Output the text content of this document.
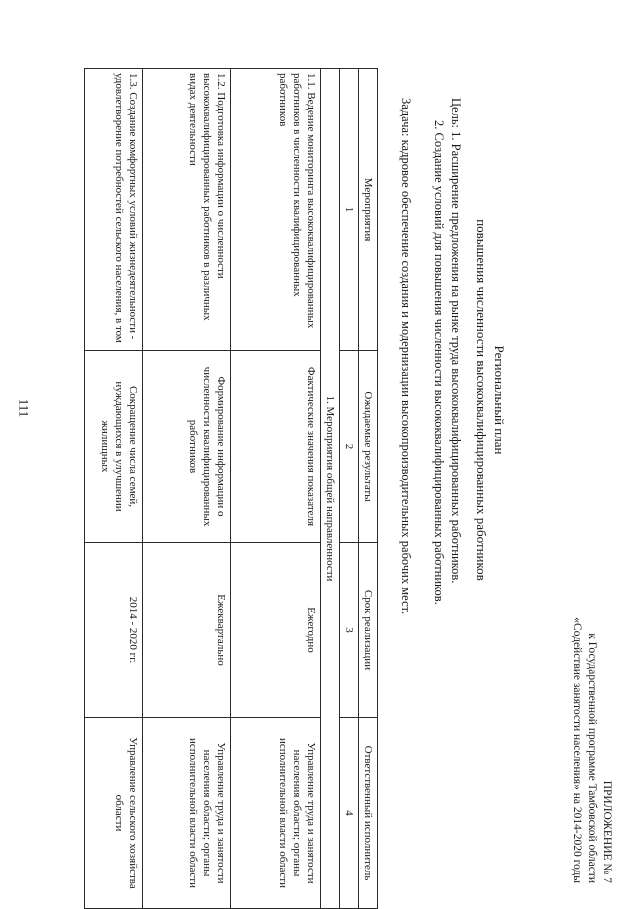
111
ПРИЛОЖЕНИЕ № 7
к Государственной программе Тамбовской области
«Содействие занятости населения» на 2014-2020 годы
Региональный план
повышения численности высококвалифицированных работников
Цель: 1. Расширение предложения на рынке труда высококвалифицированных работников.
2. Создание условий для повышения численности высококвалифицированных работников.
Задача: кадровое обеспечение создания и модернизации высокопроизводительных рабочих мест.
Мероприятия	Ожидаемые результаты	Срок реализации	Ответственный исполнитель
1	2	3	4
1. Мероприятия общей направленности			
1.1. Ведение мониторинга высококвалифицированных работников в численности квалифицированных работников	Фактические значения показателя	Ежегодно	Управление труда и занятости населения области; органы исполнительной власти области
1.2. Подготовка информации о численности высококвалифицированных работников в различных видах деятельности	Формирование информации о численности квалифицированных работников	Ежеквартально	Управление труда и занятости населения области; органы исполнительной власти области
1.3. Создание комфортных условий жизнедеятельности - удовлетворение потребностей сельского населения, в том	Сокращение числа семей, нуждающихся в улучшении жилищных	2014 - 2020 гг.	Управление сельского хозяйства области
